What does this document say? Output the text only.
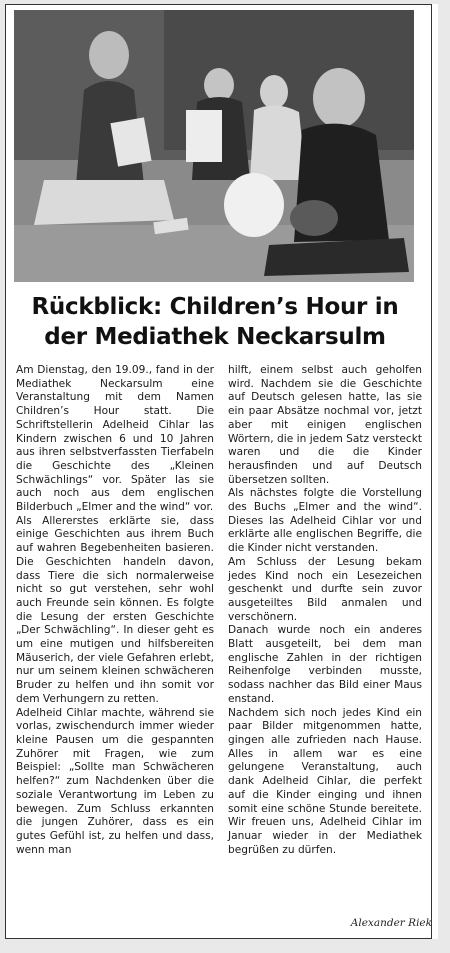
Rückblick: Children’s Hour in
der Mediathek Neckarsulm

Am Dienstag, den 19.09., fand in der Mediathek Neckarsulm eine Veranstaltung mit dem Namen Children’s Hour statt. Die Schriftstellerin Adelheid Cihlar las Kindern zwischen 6 und 10 Jahren aus ihren selbstverfassten Tierfabeln die Geschichte des „Kleinen Schwächlings“ vor. Später las sie auch noch aus dem englischen Bilderbuch „Elmer and the wind“ vor.

Als Allererstes erklärte sie, dass einige Geschichten aus ihrem Buch auf wahren Begebenheiten basieren. Die Geschichten handeln davon, dass Tiere die sich normalerweise nicht so gut verstehen, sehr wohl auch Freunde sein können. Es folgte die Lesung der ersten Geschichte „Der Schwächling“. In dieser geht es um eine mutigen und hilfsbereiten Mäuserich, der viele Gefahren erlebt, nur um seinem kleinen schwächeren Bruder zu helfen und ihn somit vor dem Verhungern zu retten.

Adelheid Cihlar machte, während sie vorlas, zwischendurch immer wieder kleine Pausen um die gespannten Zuhörer mit Fragen, wie zum Beispiel: „Sollte man Schwächeren helfen?“ zum Nachdenken über die soziale Verantwortung im Leben zu bewegen. Zum Schluss erkannten die jungen Zuhörer, dass es ein gutes Gefühl ist, zu helfen und dass, wenn man

hilft, einem selbst auch geholfen wird. Nachdem sie die Geschichte auf Deutsch gelesen hatte, las sie ein paar Absätze nochmal vor, jetzt aber mit einigen englischen Wörtern, die in jedem Satz versteckt waren und die die Kinder herausfinden und auf Deutsch übersetzen sollten.

Als nächstes folgte die Vorstellung des Buchs „Elmer and the wind“. Dieses las Adelheid Cihlar vor und erklärte alle englischen Begriffe, die die Kinder nicht verstanden.

Am Schluss der Lesung bekam jedes Kind noch ein Lesezeichen geschenkt und durfte sein zuvor ausgeteiltes Bild anmalen und verschönern.

Danach wurde noch ein anderes Blatt ausgeteilt, bei dem man englische Zahlen in der richtigen Reihenfolge verbinden musste, sodass nachher das Bild einer Maus enstand.

Nachdem sich noch jedes Kind ein paar Bilder mitgenommen hatte, gingen alle zufrieden nach Hause. Alles in allem war es eine gelungene Veranstaltung, auch dank Adelheid Cihlar, die perfekt auf die Kinder einging und ihnen somit eine schöne Stunde bereitete. Wir freuen uns, Adelheid Cihlar im Januar wieder in der Mediathek begrüßen zu dürfen.

Alexander Riek
